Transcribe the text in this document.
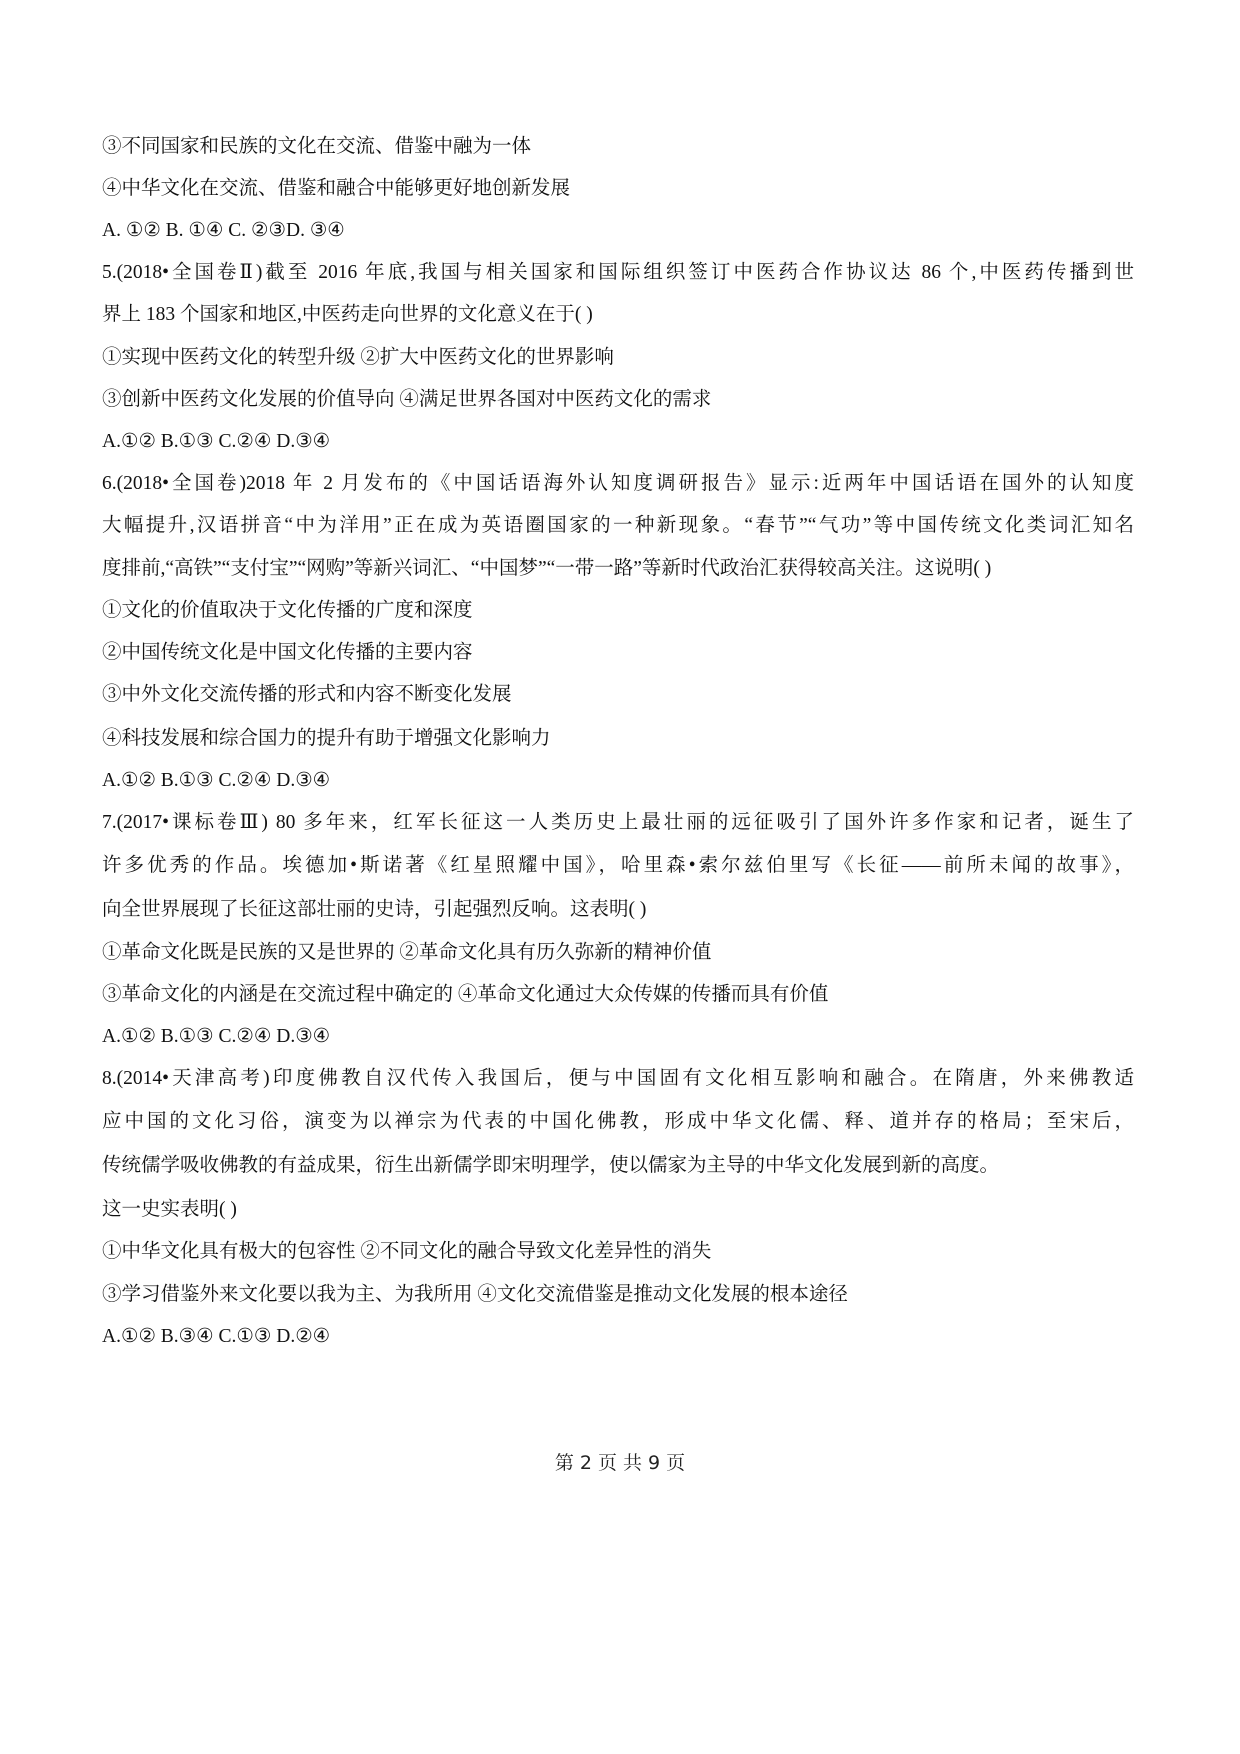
③不同国家和民族的文化在交流、借鉴中融为一体
④中华文化在交流、借鉴和融合中能够更好地创新发展
A. ①② B. ①④ C. ②③D. ③④
5.(2018•全国卷Ⅱ)截至 2016 年底,我国与相关国家和国际组织签订中医药合作协议达 86 个,中医药传播到世
界上 183 个国家和地区,中医药走向世界的文化意义在于( )
①实现中医药文化的转型升级 ②扩大中医药文化的世界影响
③创新中医药文化发展的价值导向 ④满足世界各国对中医药文化的需求
A.①② B.①③ C.②④ D.③④
6.(2018•全国卷)2018 年 2 月发布的《中国话语海外认知度调研报告》显示:近两年中国话语在国外的认知度
大幅提升,汉语拼音“中为洋用”正在成为英语圈国家的一种新现象。“春节”“气功”等中国传统文化类词汇知名
度排前,“高铁”“支付宝”“网购”等新兴词汇、“中国梦”“一带一路”等新时代政治汇获得较高关注。这说明( )
①文化的价值取决于文化传播的广度和深度
②中国传统文化是中国文化传播的主要内容
③中外文化交流传播的形式和内容不断变化发展
④科技发展和综合国力的提升有助于增强文化影响力
A.①② B.①③ C.②④ D.③④
7.(2017•课标卷Ⅲ) 80 多年来，红军长征这一人类历史上最壮丽的远征吸引了国外许多作家和记者，诞生了
许多优秀的作品。埃德加•斯诺著《红星照耀中国》，哈里森•索尔兹伯里写《长征——前所未闻的故事》，
向全世界展现了长征这部壮丽的史诗，引起强烈反响。这表明( )
①革命文化既是民族的又是世界的 ②革命文化具有历久弥新的精神价值
③革命文化的内涵是在交流过程中确定的 ④革命文化通过大众传媒的传播而具有价值
A.①② B.①③ C.②④ D.③④
8.(2014•天津高考)印度佛教自汉代传入我国后，便与中国固有文化相互影响和融合。在隋唐，外来佛教适
应中国的文化习俗，演变为以禅宗为代表的中国化佛教，形成中华文化儒、释、道并存的格局；至宋后，
传统儒学吸收佛教的有益成果，衍生出新儒学即宋明理学，使以儒家为主导的中华文化发展到新的高度。
这一史实表明( )
①中华文化具有极大的包容性 ②不同文化的融合导致文化差异性的消失
③学习借鉴外来文化要以我为主、为我所用 ④文化交流借鉴是推动文化发展的根本途径
A.①② B.③④ C.①③ D.②④
第 2 页 共 9 页
